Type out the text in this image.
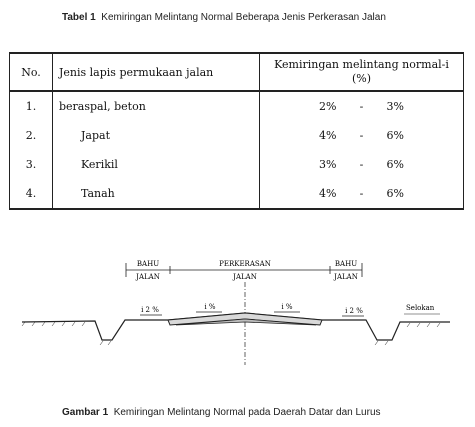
Tabel 1 Kemiringan Melintang Normal Beberapa Jenis Perkerasan Jalan
No.	Jenis lapis permukaan jalan	Kemiringan melintang normal-i
(%)

1.	beraspal, beton	2% - 3%

2.	Japat	4% - 6%

3.	Kerikil	3% - 6%

4.	Tanah	4% - 6%
BAHU
JALAN
PERKERASAN
JALAN
BAHU
JALAN
i 2 %	i %	i %	i 2 %	Selokan
Gambar 1 Kemiringan Melintang Normal pada Daerah Datar dan Lurus
